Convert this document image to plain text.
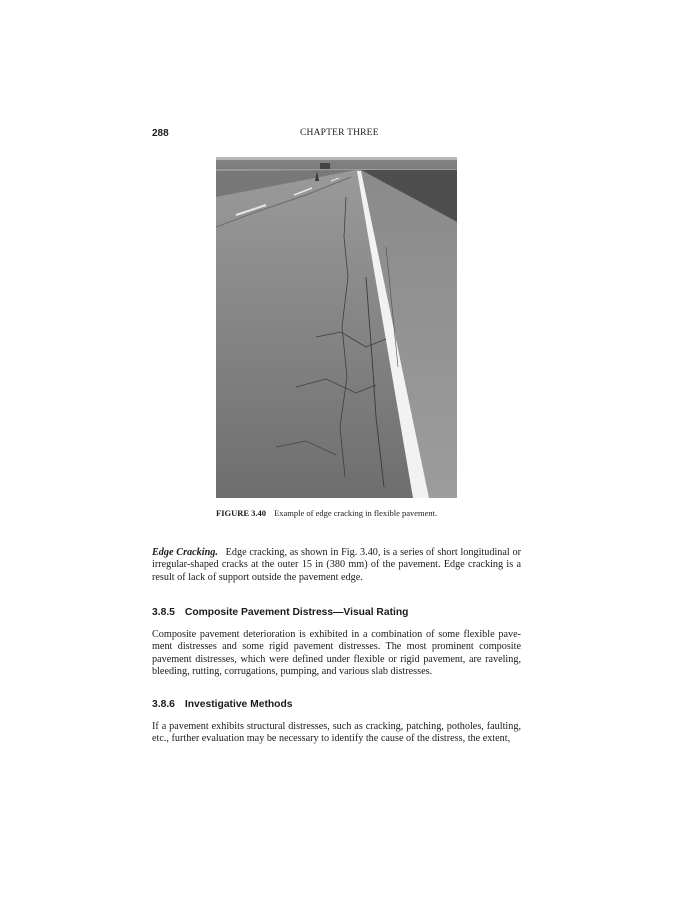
288	CHAPTER THREE
FIGURE 3.40 Example of edge cracking in flexible pavement.

Edge Cracking. Edge cracking, as shown in Fig. 3.40, is a series of short longitudinal or irregular-shaped cracks at the outer 15 in (380 mm) of the pavement. Edge cracking is a result of lack of support outside the pavement edge.

3.8.5 Composite Pavement Distress—Visual Rating

Composite pavement deterioration is exhibited in a combination of some flexible pave-ment distresses and some rigid pavement distresses. The most prominent composite pavement distresses, which were defined under flexible or rigid pavement, are raveling, bleeding, rutting, corrugations, pumping, and various slab distresses.

3.8.6 Investigative Methods

If a pavement exhibits structural distresses, such as cracking, patching, potholes, faulting, etc., further evaluation may be necessary to identify the cause of the distress, the extent,
